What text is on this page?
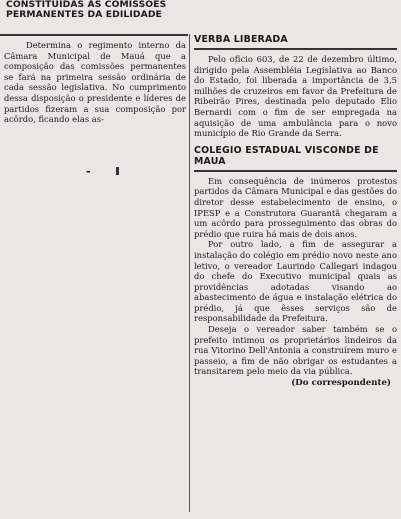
CONSTITUÍDAS AS COMISSÕES PERMANENTES DA EDILIDADE
Determina o regimento interno da Câmara Municipal de Mauá que a composição das comissões permanentes se fará na primeira sessão ordinária de cada sessão legislativa. No cumprimento dessa disposição o presidente e líderes de partidos fizeram a sua composição por acôrdo, ficando elas as-
-
VERBA LIBERADA

Pelo ofício 603, de 22 de dezembro último, dirigido pela Assembléia Legislativa ao Banco do Estado, foi liberada a importância de 3,5 milhões de cruzeiros em favor da Prefeitura de Ribeirão Pires, destinada pelo deputado Elio Bernardi com o fim de ser empregada na aquisição de uma ambulância para o novo município de Rio Grande da Serra.

COLEGIO ESTADUAL VISCONDE DE MAUA

Em consequência de inúmeros protestos partidos da Câmara Municipal e das gestões do diretor desse estabelecimento de ensino, o IPESP e a Construtora Guarantã chegaram a um acôrdo para prosseguimento das obras do prédio que ruira há mais de dois anos.

Por outro lado, a fim de assegurar a instalação do colégio em prédio novo neste ano letivo, o vereador Laurindo Callegari indagou do chefe do Executivo municipal quais as providências adotadas visando ao abastecimento de água e instalação elétrica do prédio, já que êsses serviços são de responsabilidade da Prefeitura.

Deseja o vereador saber também se o prefeito intimou os proprietários lindeiros da rua Vitorino Dell'Antonia a construírem muro e passeio, a fim de não obrigar os estudantes a transitarem pelo meio da via pública.

(Do correspondente)
